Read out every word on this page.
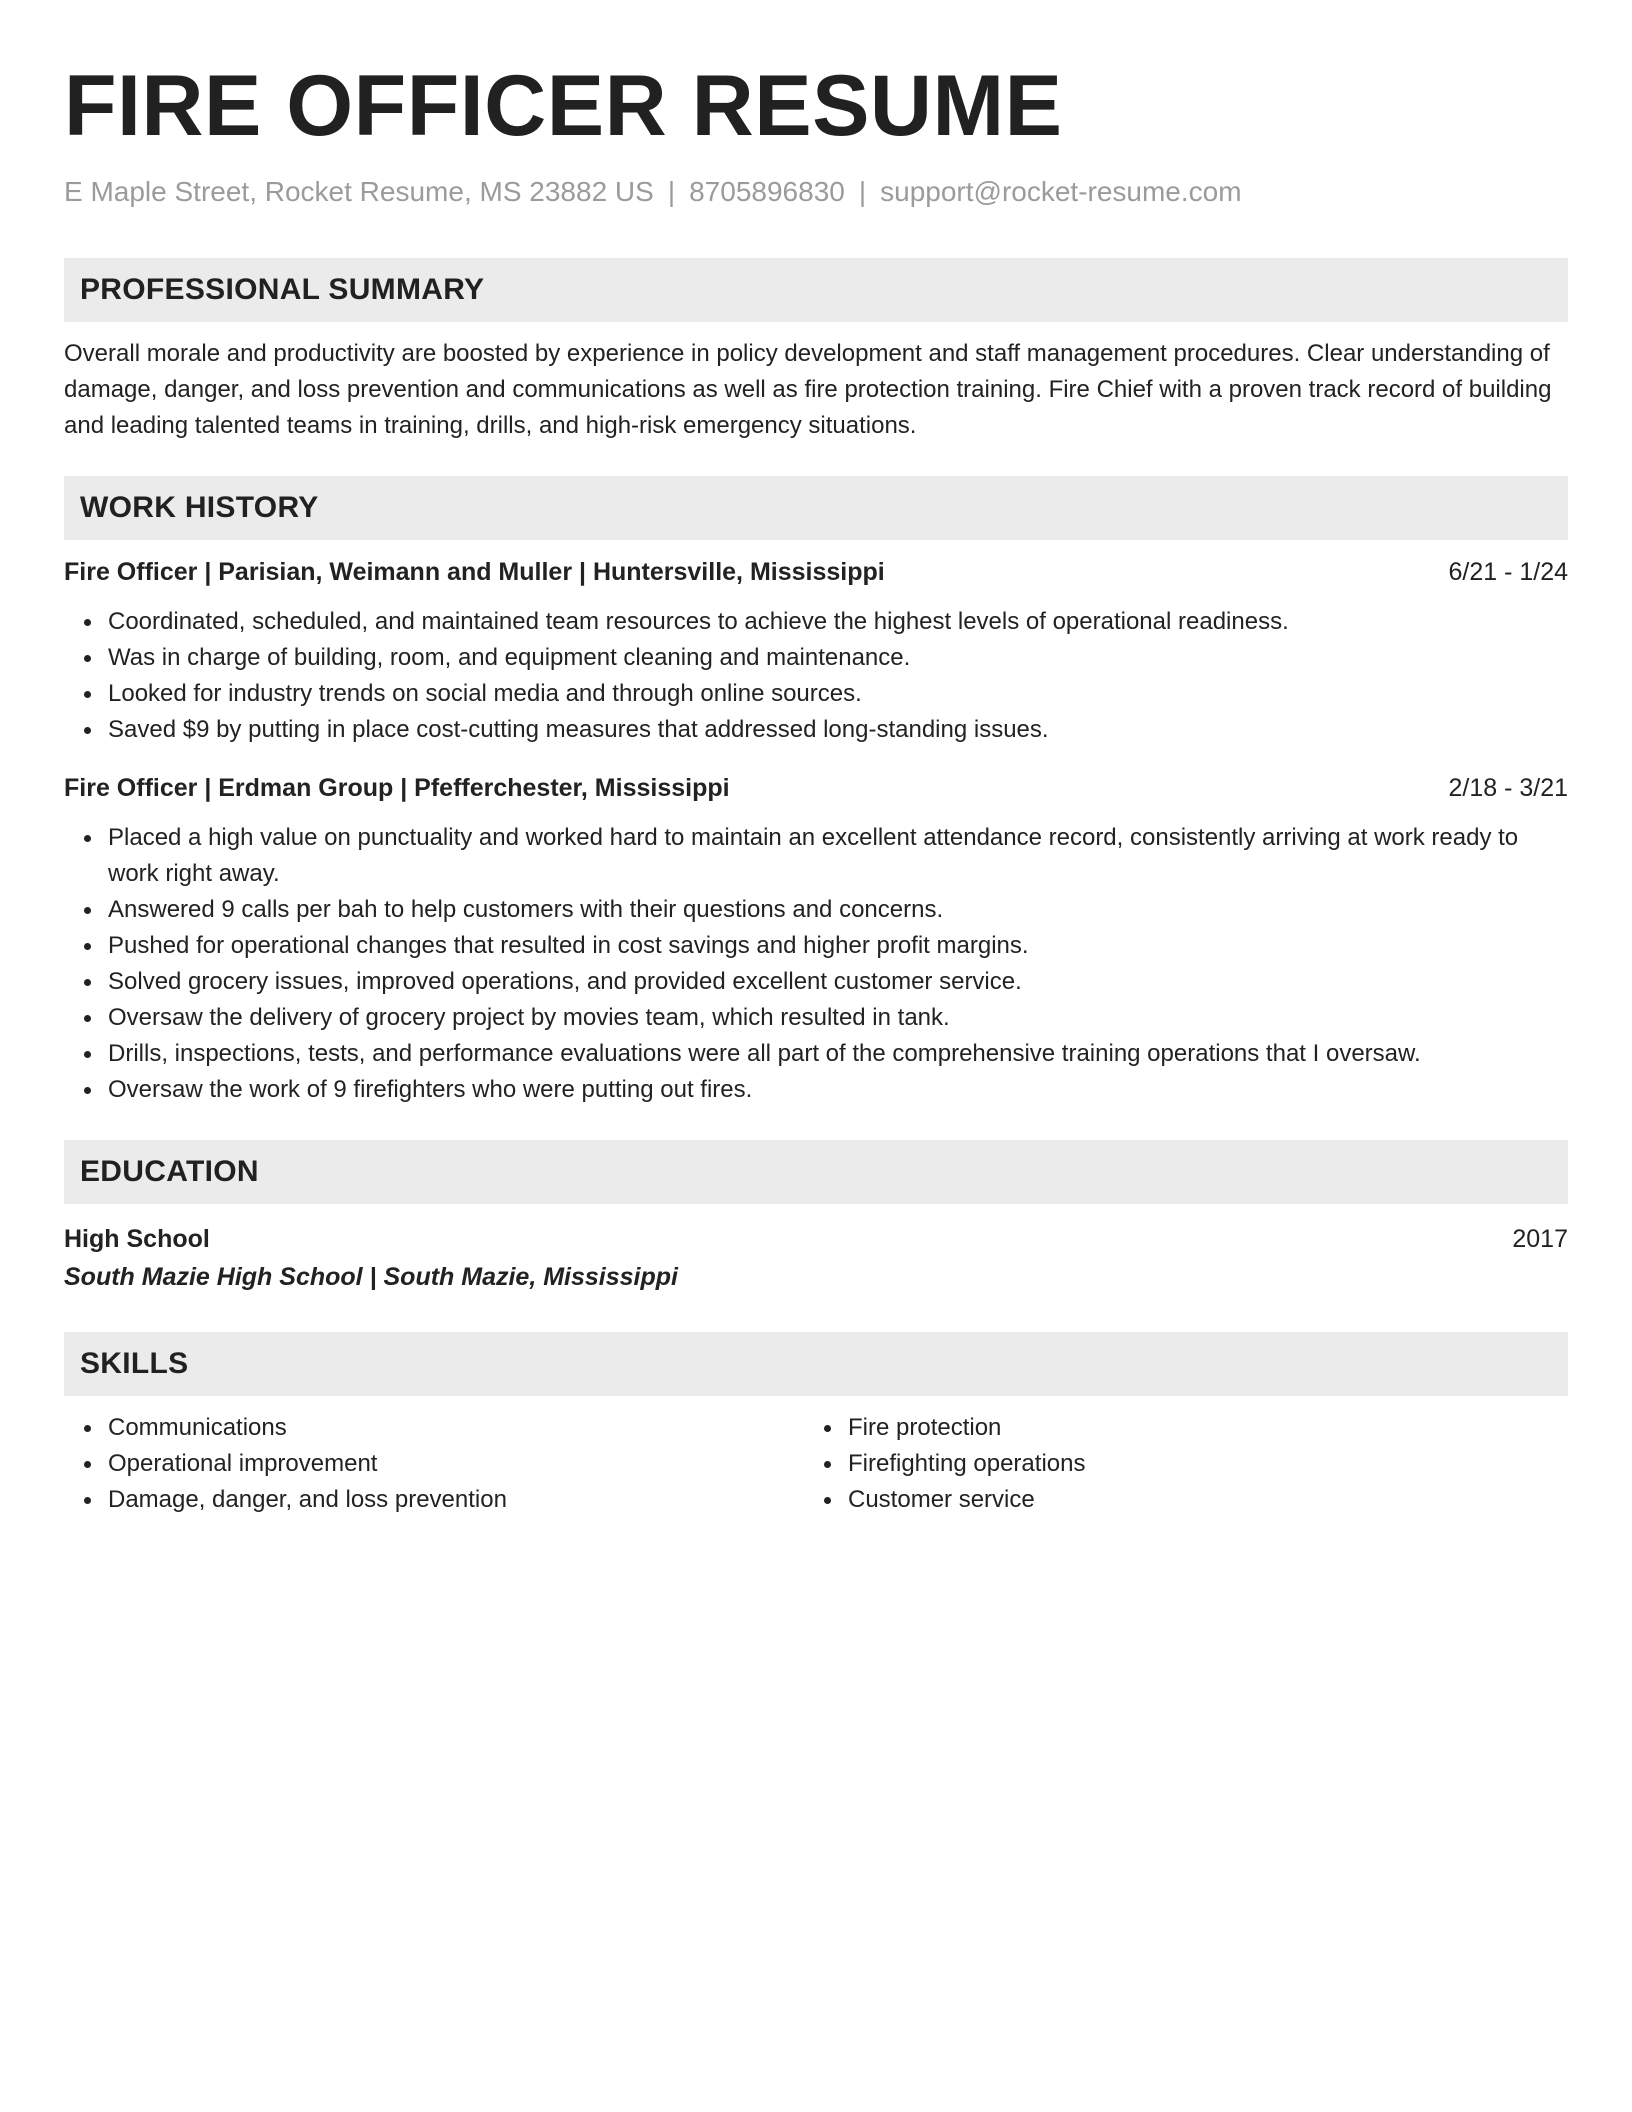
FIRE OFFICER RESUME
E Maple Street, Rocket Resume, MS 23882 US | 8705896830 | support@rocket-resume.com
PROFESSIONAL SUMMARY
Overall morale and productivity are boosted by experience in policy development and staff management procedures. Clear understanding of damage, danger, and loss prevention and communications as well as fire protection training. Fire Chief with a proven track record of building and leading talented teams in training, drills, and high-risk emergency situations.
WORK HISTORY
Fire Officer | Parisian, Weimann and Muller | Huntersville, Mississippi	6/21 - 1/24
Coordinated, scheduled, and maintained team resources to achieve the highest levels of operational readiness.
Was in charge of building, room, and equipment cleaning and maintenance.
Looked for industry trends on social media and through online sources.
Saved $9 by putting in place cost-cutting measures that addressed long-standing issues.
Fire Officer | Erdman Group | Pfefferchester, Mississippi	2/18 - 3/21
Placed a high value on punctuality and worked hard to maintain an excellent attendance record, consistently arriving at work ready to work right away.
Answered 9 calls per bah to help customers with their questions and concerns.
Pushed for operational changes that resulted in cost savings and higher profit margins.
Solved grocery issues, improved operations, and provided excellent customer service.
Oversaw the delivery of grocery project by movies team, which resulted in tank.
Drills, inspections, tests, and performance evaluations were all part of the comprehensive training operations that I oversaw.
Oversaw the work of 9 firefighters who were putting out fires.
EDUCATION
High School	2017
South Mazie High School | South Mazie, Mississippi
SKILLS
Communications
Operational improvement
Damage, danger, and loss prevention
Fire protection
Firefighting operations
Customer service
